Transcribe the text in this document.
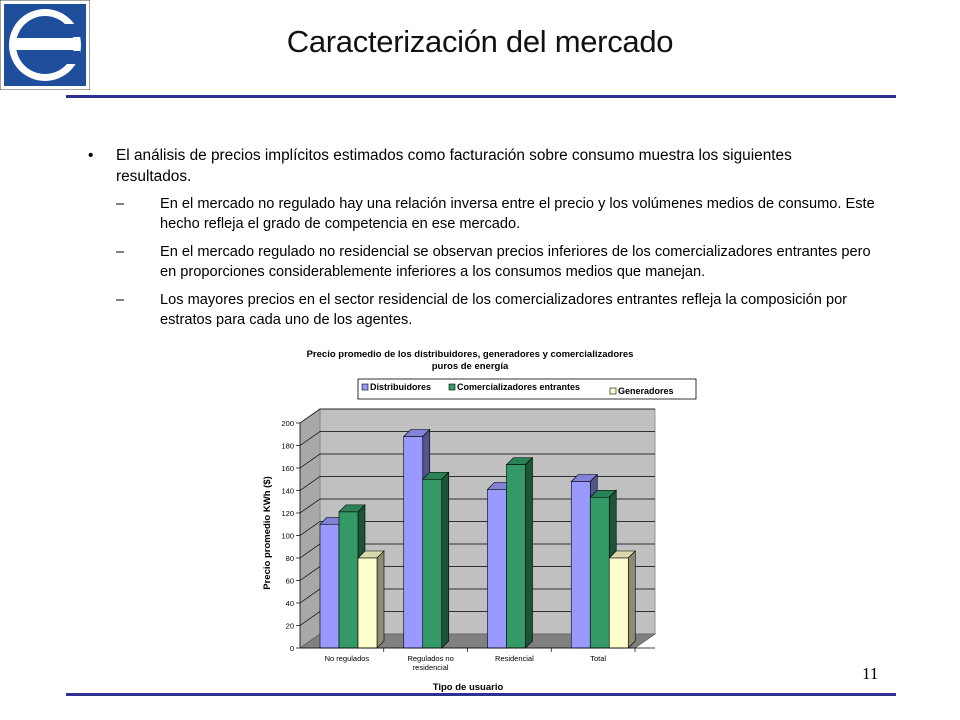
Caracterización del mercado
•	El análisis de precios implícitos estimados como facturación sobre consumo muestra los siguientes resultados.
–	En el mercado no regulado hay una relación inversa entre el precio y los volúmenes medios de consumo. Este hecho refleja el grado de competencia en ese mercado.
–	En el mercado regulado no residencial se observan precios inferiores de los comercializadores entrantes pero en proporciones considerablemente inferiores a los consumos medios que manejan.
–	Los mayores precios en el sector residencial de los comercializadores entrantes refleja la composición por estratos para cada uno de los agentes.
Precio promedio de los distribuidores, generadores y comercializadores
puros de energía
Distribuidores	Comercializadores entrantes	Generadores
0
20
40
60
80
100
120
140
160
180
200
No regulados	Regulados no
residencial
Residencial	Total
Tipo de usuario
Precio promedio KWh ($)
11
